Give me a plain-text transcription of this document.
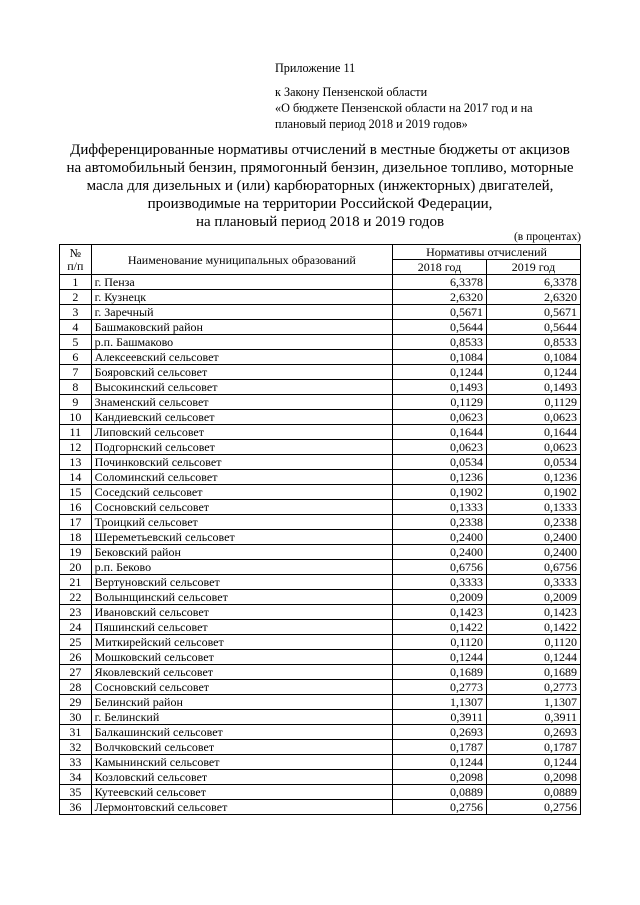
Приложение 11
к Закону Пензенской области
«О бюджете Пензенской области на 2017 год и на
плановый период 2018 и 2019 годов»
Дифференцированные нормативы отчислений в местные бюджеты от акцизов
на автомобильный бензин, прямогонный бензин, дизельное топливо, моторные
масла для дизельных и (или) карбюраторных (инжекторных) двигателей,
производимые на территории Российской Федерации,
на плановый период 2018 и 2019 годов
(в процентах)
№
п/п	Наименование муниципальных образований	Нормативы отчислений	
		2018 год	2019 год
1	г. Пенза	6,3378	6,3378
2	г. Кузнецк	2,6320	2,6320
3	г. Заречный	0,5671	0,5671
4	Башмаковский район	0,5644	0,5644
5	р.п. Башмаково	0,8533	0,8533
6	Алексеевский сельсовет	0,1084	0,1084
7	Бояровский сельсовет	0,1244	0,1244
8	Высокинский сельсовет	0,1493	0,1493
9	Знаменский сельсовет	0,1129	0,1129
10	Кандиевский сельсовет	0,0623	0,0623
11	Липовский сельсовет	0,1644	0,1644
12	Подгорнский сельсовет	0,0623	0,0623
13	Починковский сельсовет	0,0534	0,0534
14	Соломинский сельсовет	0,1236	0,1236
15	Соседский сельсовет	0,1902	0,1902
16	Сосновский сельсовет	0,1333	0,1333
17	Троицкий сельсовет	0,2338	0,2338
18	Шереметьевский сельсовет	0,2400	0,2400
19	Бековский район	0,2400	0,2400
20	р.п. Беково	0,6756	0,6756
21	Вертуновский сельсовет	0,3333	0,3333
22	Волынщинский сельсовет	0,2009	0,2009
23	Ивановский сельсовет	0,1423	0,1423
24	Пяшинский сельсовет	0,1422	0,1422
25	Миткирейский сельсовет	0,1120	0,1120
26	Мошковский сельсовет	0,1244	0,1244
27	Яковлевский сельсовет	0,1689	0,1689
28	Сосновский сельсовет	0,2773	0,2773
29	Белинский район	1,1307	1,1307
30	г. Белинский	0,3911	0,3911
31	Балкашинский сельсовет	0,2693	0,2693
32	Волчковский сельсовет	0,1787	0,1787
33	Камынинский сельсовет	0,1244	0,1244
34	Козловский сельсовет	0,2098	0,2098
35	Кутеевский сельсовет	0,0889	0,0889
36	Лермонтовский сельсовет	0,2756	0,2756
